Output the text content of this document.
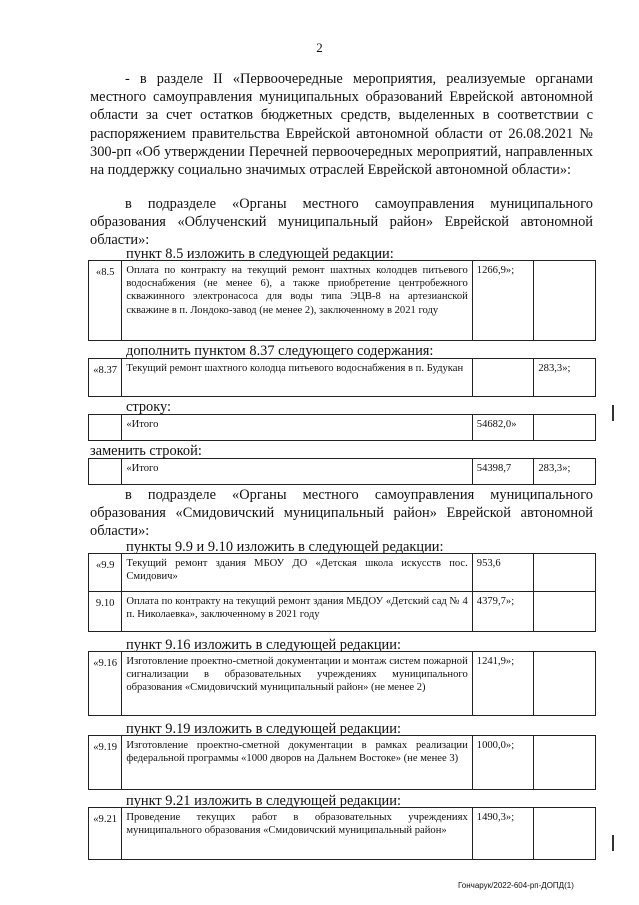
2

- в разделе II «Первоочередные мероприятия, реализуемые органами местного самоуправления муниципальных образований Еврейской автономной области за счет остатков бюджетных средств, выделенных в соответствии с распоряжением правительства Еврейской автономной области от 26.08.2021 № 300-рп «Об утверждении Перечней первоочередных мероприятий, направленных на поддержку социально значимых отраслей Еврейской автономной области»:

в подразделе «Органы местного самоуправления муниципального образования «Облученский муниципальный район» Еврейской автономной области»:

пункт 8.5 изложить в следующей редакции:

«8.5	Оплата по контракту на текущий ремонт шахтных колодцев питьевого водоснабжения (не менее 6), а также приобретение центробежного скважинного электронасоса для воды типа ЭЦВ-8 на артезианской скважине в п. Лондоко-завод (не менее 2), заключенному в 2021 году	1266,9»;	

дополнить пунктом 8.37 следующего содержания:

«8.37	Текущий ремонт шахтного колодца питьевого водоснабжения в п. Будукан		283,3»;

строку:

	«Итого	54682,0»	

заменить строкой:

	«Итого	54398,7	283,3»;

в подразделе «Органы местного самоуправления муниципального образования «Смидовичский муниципальный район» Еврейской автономной области»:

пункты 9.9 и 9.10 изложить в следующей редакции:

«9.9	Текущий ремонт здания МБОУ ДО «Детская школа искусств пос. Смидович»	953,6	
9.10	Оплата по контракту на текущий ремонт здания МБДОУ «Детский сад № 4 п. Николаевка», заключенному в 2021 году	4379,7»;	

пункт 9.16 изложить в следующей редакции:

«9.16	Изготовление проектно-сметной документации и монтаж систем пожарной сигнализации в образовательных учреждениях муниципального образования «Смидовичский муниципальный район» (не менее 2)	1241,9»;	

пункт 9.19 изложить в следующей редакции:

«9.19	Изготовление проектно-сметной документации в рамках реализации федеральной программы «1000 дворов на Дальнем Востоке» (не менее 3)	1000,0»;	

пункт 9.21 изложить в следующей редакции:

«9.21	Проведение текущих работ в образовательных учреждениях муниципального образования «Смидовичский муниципальный район»	1490,3»;	
Гончарук/2022-604-рп-ДОПД(1)
